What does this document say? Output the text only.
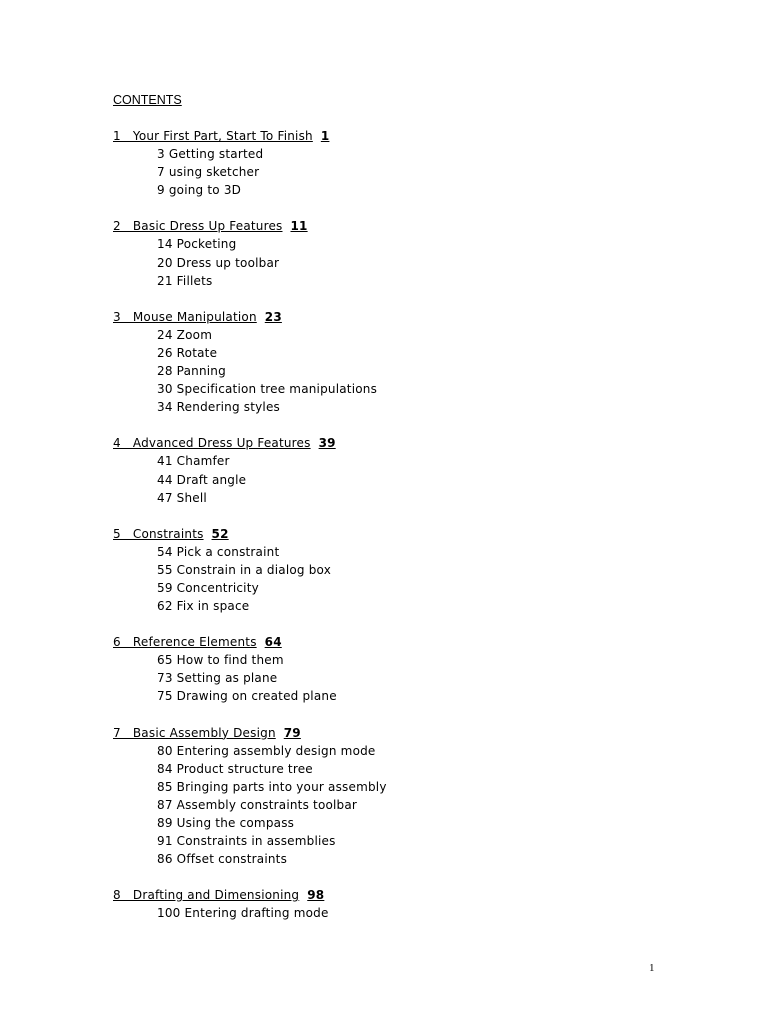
CONTENTS
1   Your First Part, Start To Finish 1
3 Getting started
7 using sketcher
9 going to 3D
2   Basic Dress Up Features 11
14 Pocketing
20 Dress up toolbar
21 Fillets
3   Mouse Manipulation 23
24 Zoom
26 Rotate
28 Panning
30 Specification tree manipulations
34 Rendering styles
4   Advanced Dress Up Features 39
41 Chamfer
44 Draft angle
47 Shell
5   Constraints 52
54 Pick a constraint
55 Constrain in a dialog box
59 Concentricity
62 Fix in space
6   Reference Elements 64
65 How to find them
73 Setting as plane
75 Drawing on created plane
7   Basic Assembly Design 79
80 Entering assembly design mode
84 Product structure tree
85 Bringing parts into your assembly
87 Assembly constraints toolbar
89 Using the compass
91 Constraints in assemblies
86 Offset constraints
8   Drafting and Dimensioning 98
100 Entering drafting mode
1
